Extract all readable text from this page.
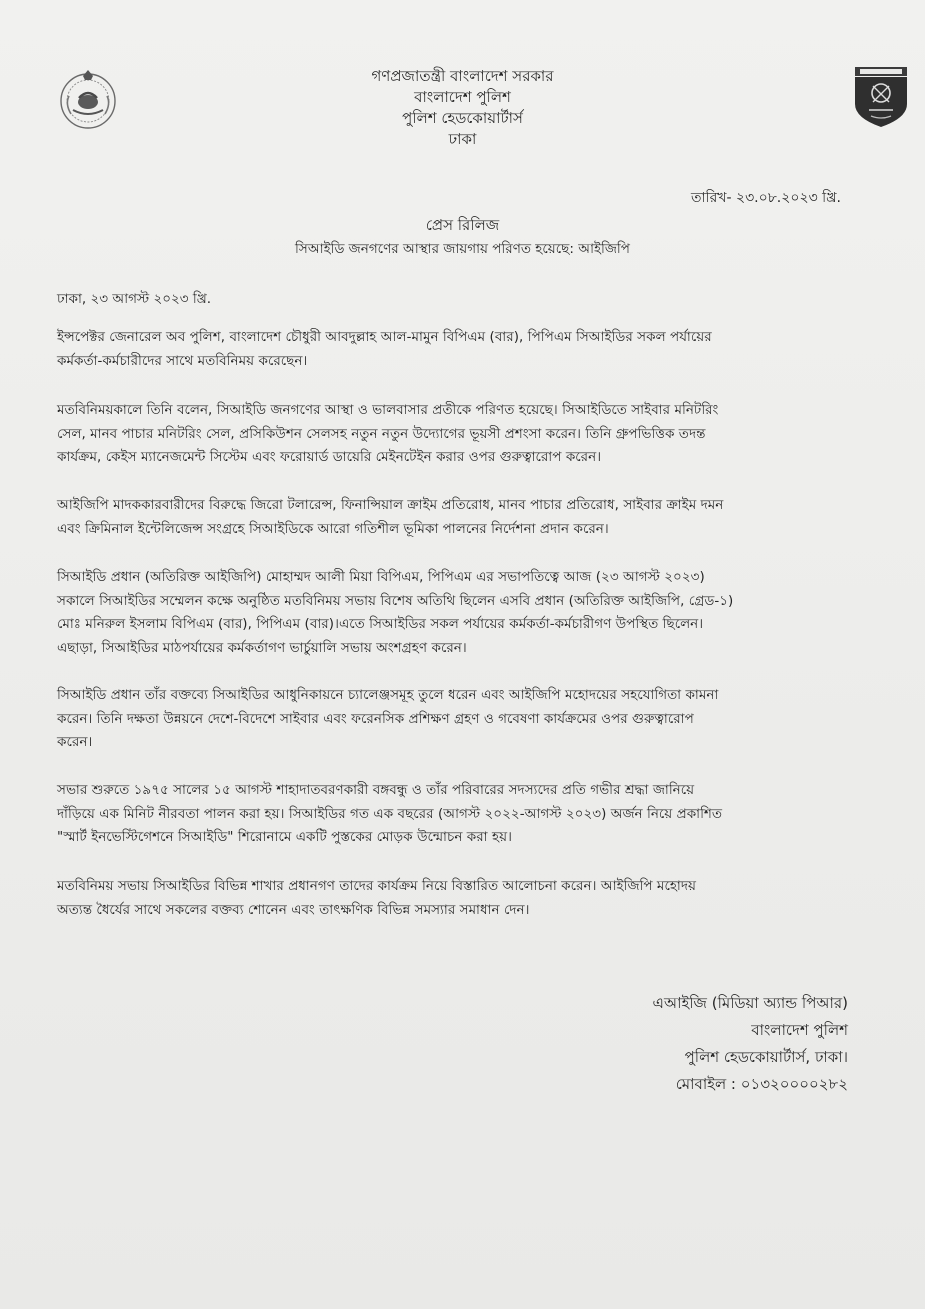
গণপ্রজাতন্ত্রী বাংলাদেশ সরকার
বাংলাদেশ পুলিশ
পুলিশ হেডকোয়ার্টার্স
ঢাকা
তারিখ- ২৩.০৮.২০২৩ খ্রি.
প্রেস রিলিজ
সিআইডি জনগণের আস্থার জায়গায় পরিণত হয়েছে: আইজিপি
ঢাকা, ২৩ আগস্ট ২০২৩ খ্রি.
ইন্সপেক্টর জেনারেল অব পুলিশ, বাংলাদেশ চৌধুরী আবদুল্লাহ আল-মামুন বিপিএম (বার), পিপিএম সিআইডির সকল পর্যায়ের
কর্মকর্তা-কর্মচারীদের সাথে মতবিনিময় করেছেন।
মতবিনিময়কালে তিনি বলেন, সিআইডি জনগণের আস্থা ও ভালবাসার প্রতীকে পরিণত হয়েছে। সিআইডিতে সাইবার মনিটরিং
সেল, মানব পাচার মনিটরিং সেল, প্রসিকিউশন সেলসহ নতুন নতুন উদ্যোগের ভূয়সী প্রশংসা করেন। তিনি গ্রুপভিত্তিক তদন্ত
কার্যক্রম, কেইস ম্যানেজমেন্ট সিস্টেম এবং ফরোয়ার্ড ডায়েরি মেইনটেইন করার ওপর গুরুত্বারোপ করেন।
আইজিপি মাদককারবারীদের বিরুদ্ধে জিরো টলারেন্স, ফিনান্সিয়াল ক্রাইম প্রতিরোধ, মানব পাচার প্রতিরোধ, সাইবার ক্রাইম দমন
এবং ক্রিমিনাল ইন্টেলিজেন্স সংগ্রহে সিআইডিকে আরো গতিশীল ভূমিকা পালনের নির্দেশনা প্রদান করেন।
সিআইডি প্রধান (অতিরিক্ত আইজিপি) মোহাম্মদ আলী মিয়া বিপিএম, পিপিএম এর সভাপতিত্বে আজ (২৩ আগস্ট ২০২৩)
সকালে সিআইডির সম্মেলন কক্ষে অনুষ্ঠিত মতবিনিময় সভায় বিশেষ অতিথি ছিলেন এসবি প্রধান (অতিরিক্ত আইজিপি, গ্রেড-১)
মোঃ মনিরুল ইসলাম বিপিএম (বার), পিপিএম (বার)।এতে সিআইডির সকল পর্যায়ের কর্মকর্তা-কর্মচারীগণ উপস্থিত ছিলেন।
এছাড়া, সিআইডির মাঠপর্যায়ের কর্মকর্তাগণ ভার্চুয়ালি সভায় অংশগ্রহণ করেন।
সিআইডি প্রধান তাঁর বক্তব্যে সিআইডির আধুনিকায়নে চ্যালেঞ্জসমূহ তুলে ধরেন এবং আইজিপি মহোদয়ের সহযোগিতা কামনা
করেন। তিনি দক্ষতা উন্নয়নে দেশে-বিদেশে সাইবার এবং ফরেনসিক প্রশিক্ষণ গ্রহণ ও গবেষণা কার্যক্রমের ওপর গুরুত্বারোপ
করেন।
সভার শুরুতে ১৯৭৫ সালের ১৫ আগস্ট শাহাদাতবরণকারী বঙ্গবন্ধু ও তাঁর পরিবারের সদস্যদের প্রতি গভীর শ্রদ্ধা জানিয়ে
দাঁড়িয়ে এক মিনিট নীরবতা পালন করা হয়। সিআইডির গত এক বছরের (আগস্ট ২০২২-আগস্ট ২০২৩) অর্জন নিয়ে প্রকাশিত
"স্মার্ট ইনভেস্টিগেশনে সিআইডি" শিরোনামে একটি পুস্তকের মোড়ক উন্মোচন করা হয়।
মতবিনিময় সভায় সিআইডির বিভিন্ন শাখার প্রধানগণ তাদের কার্যক্রম নিয়ে বিস্তারিত আলোচনা করেন। আইজিপি মহোদয়
অত্যন্ত ধৈর্যের সাথে সকলের বক্তব্য শোনেন এবং তাৎক্ষণিক বিভিন্ন সমস্যার সমাধান দেন।
এআইজি (মিডিয়া অ্যান্ড পিআর)
বাংলাদেশ পুলিশ
পুলিশ হেডকোয়ার্টার্স, ঢাকা।
মোবাইল : ০১৩২০০০০২৮২
